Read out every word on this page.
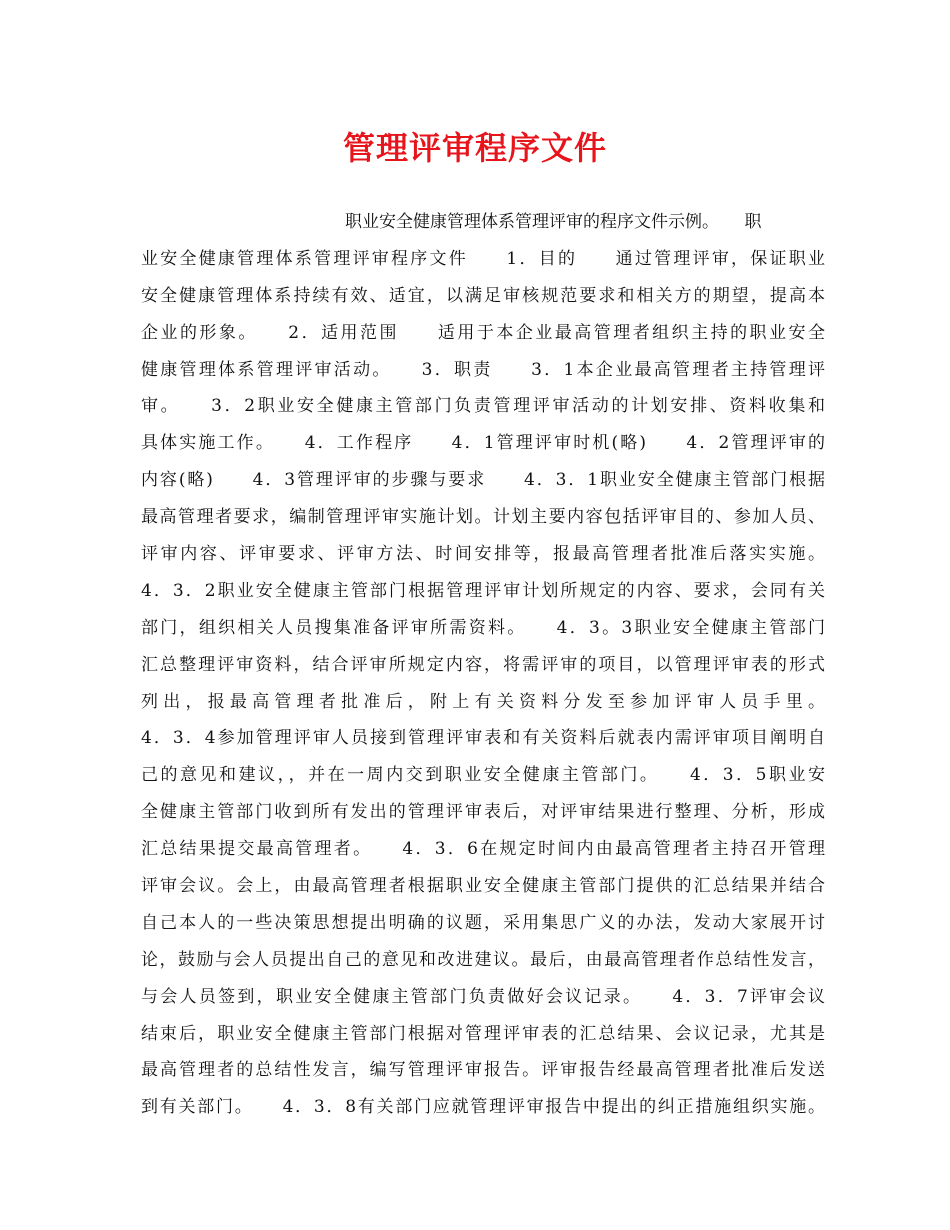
管理评审程序文件
职业安全健康管理体系管理评审的程序文件示例。　　职
业安全健康管理体系管理评审程序文件　　1．目的　　通过管理评审，保证职业
安全健康管理体系持续有效、适宜，以满足审核规范要求和相关方的期望，提高本
企业的形象。　　2．适用范围　　适用于本企业最高管理者组织主持的职业安全
健康管理体系管理评审活动。　　3．职责　　3．1本企业最高管理者主持管理评
审。　　3．2职业安全健康主管部门负责管理评审活动的计划安排、资料收集和
具体实施工作。　　4．工作程序　　4．1管理评审时机(略)　　4．2管理评审的
内容(略)　　4．3管理评审的步骤与要求　　4．3．1职业安全健康主管部门根据
最高管理者要求，编制管理评审实施计划。计划主要内容包括评审目的、参加人员、
评审内容、评审要求、评审方法、时间安排等，报最高管理者批准后落实实施。
4．3．2职业安全健康主管部门根据管理评审计划所规定的内容、要求，会同有关
部门，组织相关人员搜集准备评审所需资料。　　4．3。3职业安全健康主管部门
汇总整理评审资料，结合评审所规定内容，将需评审的项目，以管理评审表的形式
列出，报最高管理者批准后，附上有关资料分发至参加评审人员手里。
4．3．4参加管理评审人员接到管理评审表和有关资料后就表内需评审项目阐明自
己的意见和建议，，并在一周内交到职业安全健康主管部门。　　4．3．5职业安
全健康主管部门收到所有发出的管理评审表后，对评审结果进行整理、分析，形成
汇总结果提交最高管理者。　　4．3．6在规定时间内由最高管理者主持召开管理
评审会议。会上，由最高管理者根据职业安全健康主管部门提供的汇总结果并结合
自己本人的一些决策思想提出明确的议题，采用集思广义的办法，发动大家展开讨
论，鼓励与会人员提出自己的意见和改进建议。最后，由最高管理者作总结性发言，
与会人员签到，职业安全健康主管部门负责做好会议记录。　　4．3．7评审会议
结束后，职业安全健康主管部门根据对管理评审表的汇总结果、会议记录，尤其是
最高管理者的总结性发言，编写管理评审报告。评审报告经最高管理者批准后发送
到有关部门。　　4．3．8有关部门应就管理评审报告中提出的纠正措施组织实施。
